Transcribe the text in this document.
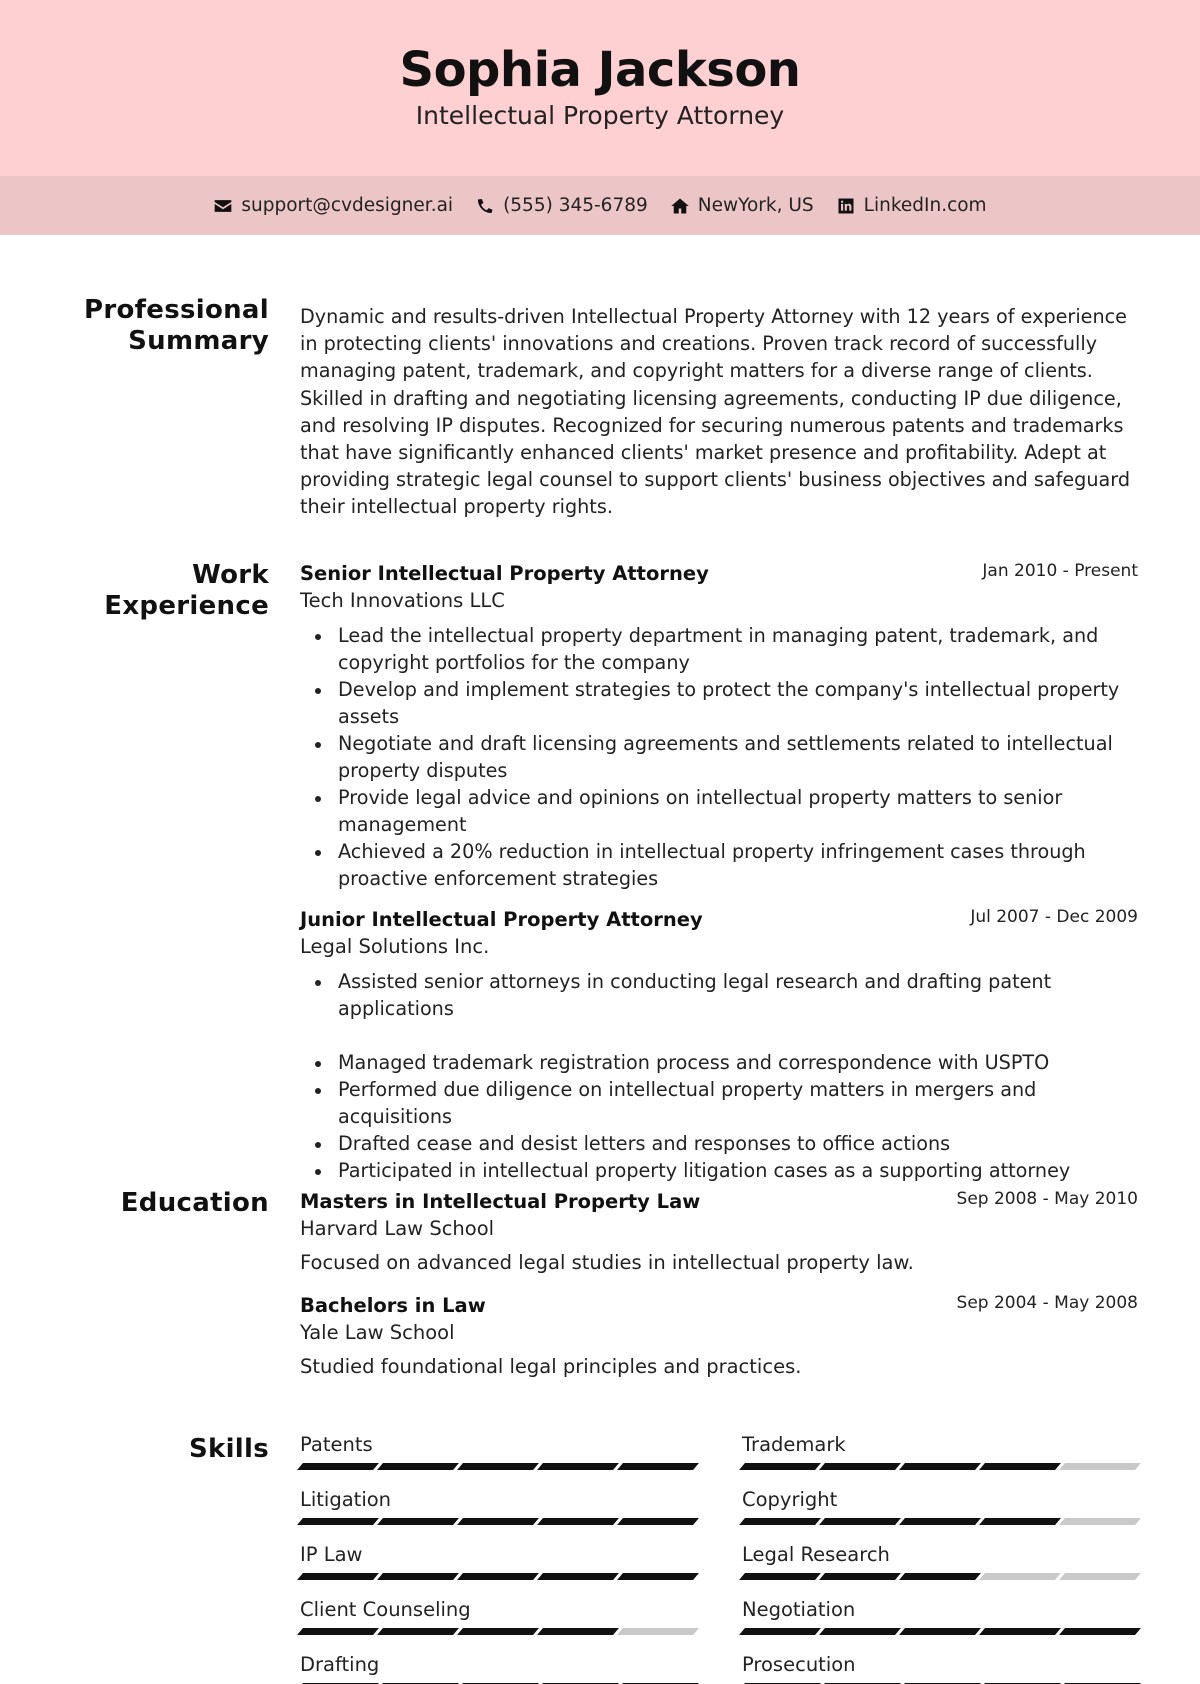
Sophia Jackson
Intellectual Property Attorney
support@cvdesigner.ai	(555) 345-6789	NewYork, US	LinkedIn.com
Professional
Summary
Dynamic and results-driven Intellectual Property Attorney with 12 years of experience in protecting clients' innovations and creations. Proven track record of successfully managing patent, trademark, and copyright matters for a diverse range of clients. Skilled in drafting and negotiating licensing agreements, conducting IP due diligence, and resolving IP disputes. Recognized for securing numerous patents and trademarks that have significantly enhanced clients' market presence and profitability. Adept at providing strategic legal counsel to support clients' business objectives and safeguard their intellectual property rights.
Work
Experience
Senior Intellectual Property Attorney	Jan 2010 - Present
Tech Innovations LLC
Lead the intellectual property department in managing patent, trademark, and copyright portfolios for the company
Develop and implement strategies to protect the company's intellectual property assets
Negotiate and draft licensing agreements and settlements related to intellectual property disputes
Provide legal advice and opinions on intellectual property matters to senior management
Achieved a 20% reduction in intellectual property infringement cases through proactive enforcement strategies
Junior Intellectual Property Attorney	Jul 2007 - Dec 2009
Legal Solutions Inc.
Assisted senior attorneys in conducting legal research and drafting patent applications
Managed trademark registration process and correspondence with USPTO
Performed due diligence on intellectual property matters in mergers and acquisitions
Drafted cease and desist letters and responses to office actions
Participated in intellectual property litigation cases as a supporting attorney
Education Masters in Intellectual Property Law	Sep 2008 - May 2010
Harvard Law School
Focused on advanced legal studies in intellectual property law.
Bachelors in Law	Sep 2004 - May 2008
Yale Law School
Studied foundational legal principles and practices.
Skills Patents	Trademark
Litigation	Copyright
IP Law	Legal Research
Client Counseling	Negotiation
Drafting	Prosecution
